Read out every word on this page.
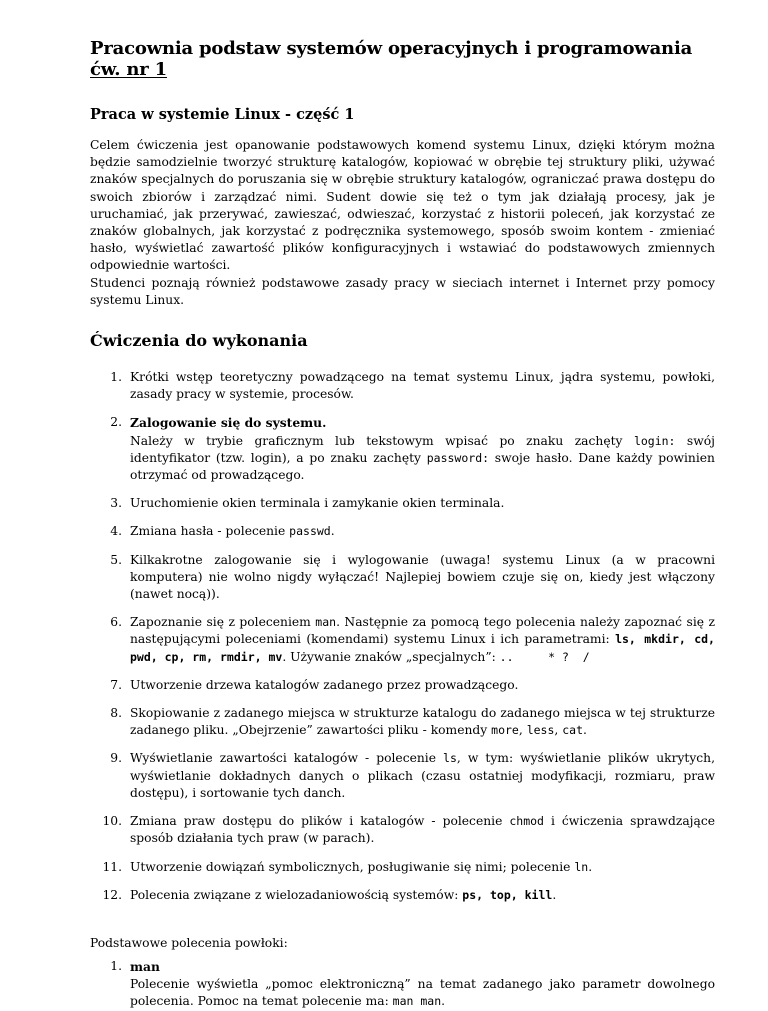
Pracownia podstaw systemów operacyjnych i programowania
ćw. nr 1
Praca w systemie Linux - część 1
Celem ćwiczenia jest opanowanie podstawowych komend systemu Linux, dzięki którym można będzie samodzielnie tworzyć strukturę katalogów, kopiować w obrębie tej struktury pliki, używać znaków specjalnych do poruszania się w obrębie struktury katalogów, ograniczać prawa dostępu do swoich zbiorów i zarządzać nimi. Sudent dowie się też o tym jak działają procesy, jak je uruchamiać, jak przerywać, zawieszać, odwieszać, korzystać z historii poleceń, jak korzystać ze znaków globalnych, jak korzystać z podręcznika systemowego, sposób swoim kontem - zmieniać hasło, wyświetlać zawartość plików konfiguracyjnych i wstawiać do podstawowych zmiennych odpowiednie wartości.
Studenci poznają również podstawowe zasady pracy w sieciach internet i Internet przy pomocy systemu Linux.
Ćwiczenia do wykonania
1. Krótki wstęp teoretyczny powadzącego na temat systemu Linux, jądra systemu, powłoki, zasady pracy w systemie, procesów.
2. Zalogowanie się do systemu.
Należy w trybie graficznym lub tekstowym wpisać po znaku zachęty login: swój identyfikator (tzw. login), a po znaku zachęty password: swoje hasło. Dane każdy powinien otrzymać od prowadzącego.
3. Uruchomienie okien terminala i zamykanie okien terminala.
4. Zmiana hasła - polecenie passwd.
5. Kilkakrotne zalogowanie się i wylogowanie (uwaga! systemu Linux (a w pracowni komputera) nie wolno nigdy wyłączać! Najlepiej bowiem czuje się on, kiedy jest włączony (nawet nocą)).
6. Zapoznanie się z poleceniem man. Następnie za pomocą tego polecenia należy zapoznać się z następującymi poleceniami (komendami) systemu Linux i ich parametrami: ls, mkdir, cd, pwd, cp, rm, rmdir, mv. Używanie znaków „specjalnych”: ..     * ?  /
7. Utworzenie drzewa katalogów zadanego przez prowadzącego.
8. Skopiowanie z zadanego miejsca w strukturze katalogu do zadanego miejsca w tej strukturze zadanego pliku. „Obejrzenie” zawartości pliku - komendy more, less, cat.
9. Wyświetlanie zawartości katalogów - polecenie ls, w tym: wyświetlanie plików ukrytych, wyświetlanie dokładnych danych o plikach (czasu ostatniej modyfikacji, rozmiaru, praw dostępu), i sortowanie tych danch.
10. Zmiana praw dostępu do plików i katalogów - polecenie chmod i ćwiczenia sprawdzające sposób działania tych praw (w parach).
11. Utworzenie dowiązań symbolicznych, posługiwanie się nimi; polecenie ln.
12. Polecenia związane z wielozadaniowością systemów: ps, top, kill.
Podstawowe polecenia powłoki:
1. man
Polecenie wyświetla „pomoc elektroniczną” na temat zadanego jako parametr dowolnego polecenia. Pomoc na temat polecenie ma: man man.
